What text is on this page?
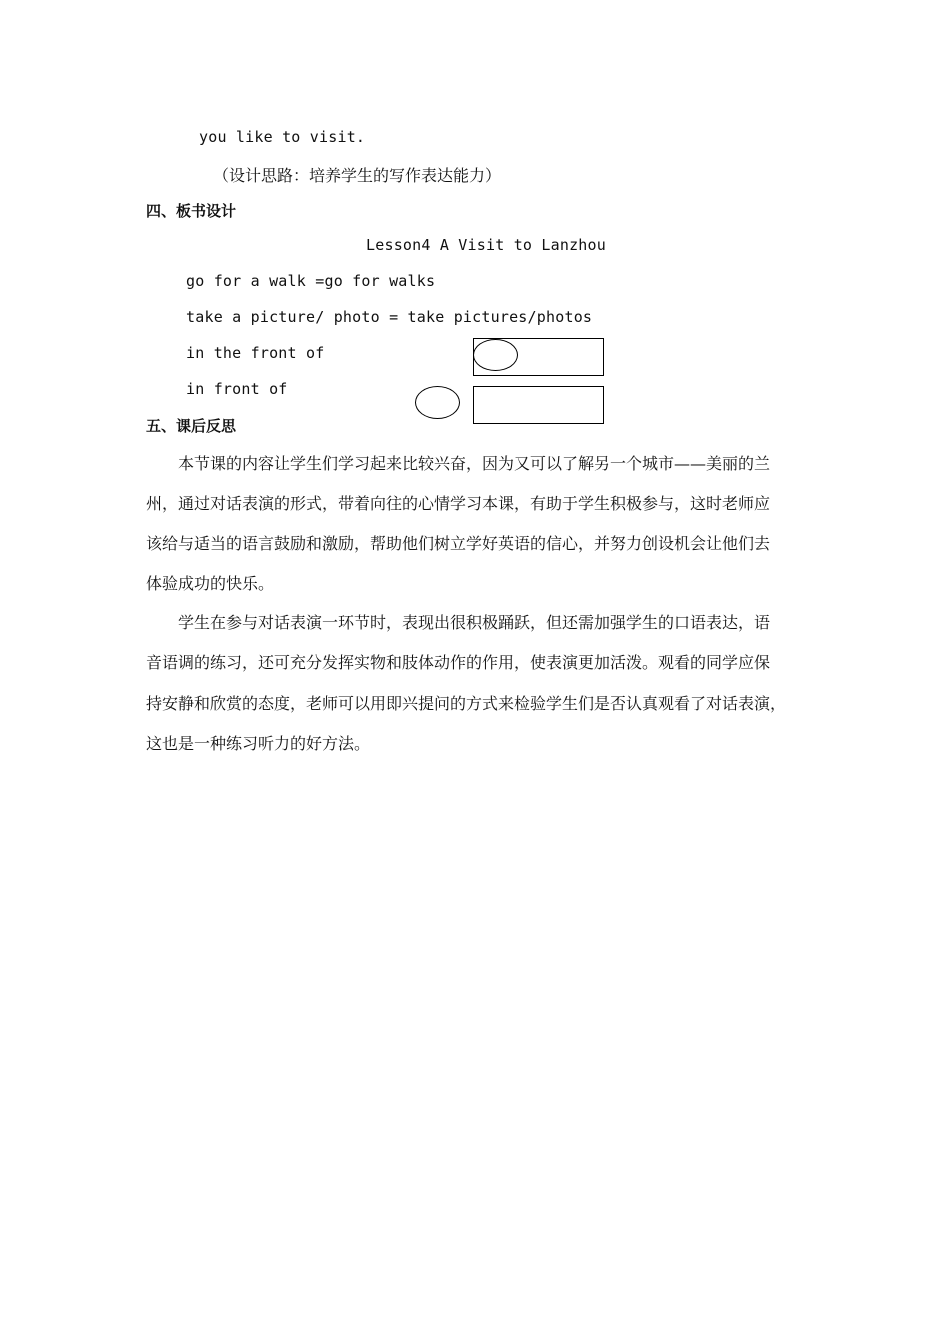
you like to visit.
（设计思路：培养学生的写作表达能力）
四、板书设计
Lesson4 A Visit to Lanzhou
go for a walk =go for walks
take a picture/ photo = take pictures/photos
in the front of
in front of
五、课后反思
本节课的内容让学生们学习起来比较兴奋，因为又可以了解另一个城市——美丽的兰
州，通过对话表演的形式，带着向往的心情学习本课，有助于学生积极参与，这时老师应
该给与适当的语言鼓励和激励，帮助他们树立学好英语的信心，并努力创设机会让他们去
体验成功的快乐。
学生在参与对话表演一环节时，表现出很积极踊跃，但还需加强学生的口语表达，语
音语调的练习，还可充分发挥实物和肢体动作的作用，使表演更加活泼。观看的同学应保
持安静和欣赏的态度，老师可以用即兴提问的方式来检验学生们是否认真观看了对话表演，
这也是一种练习听力的好方法。
